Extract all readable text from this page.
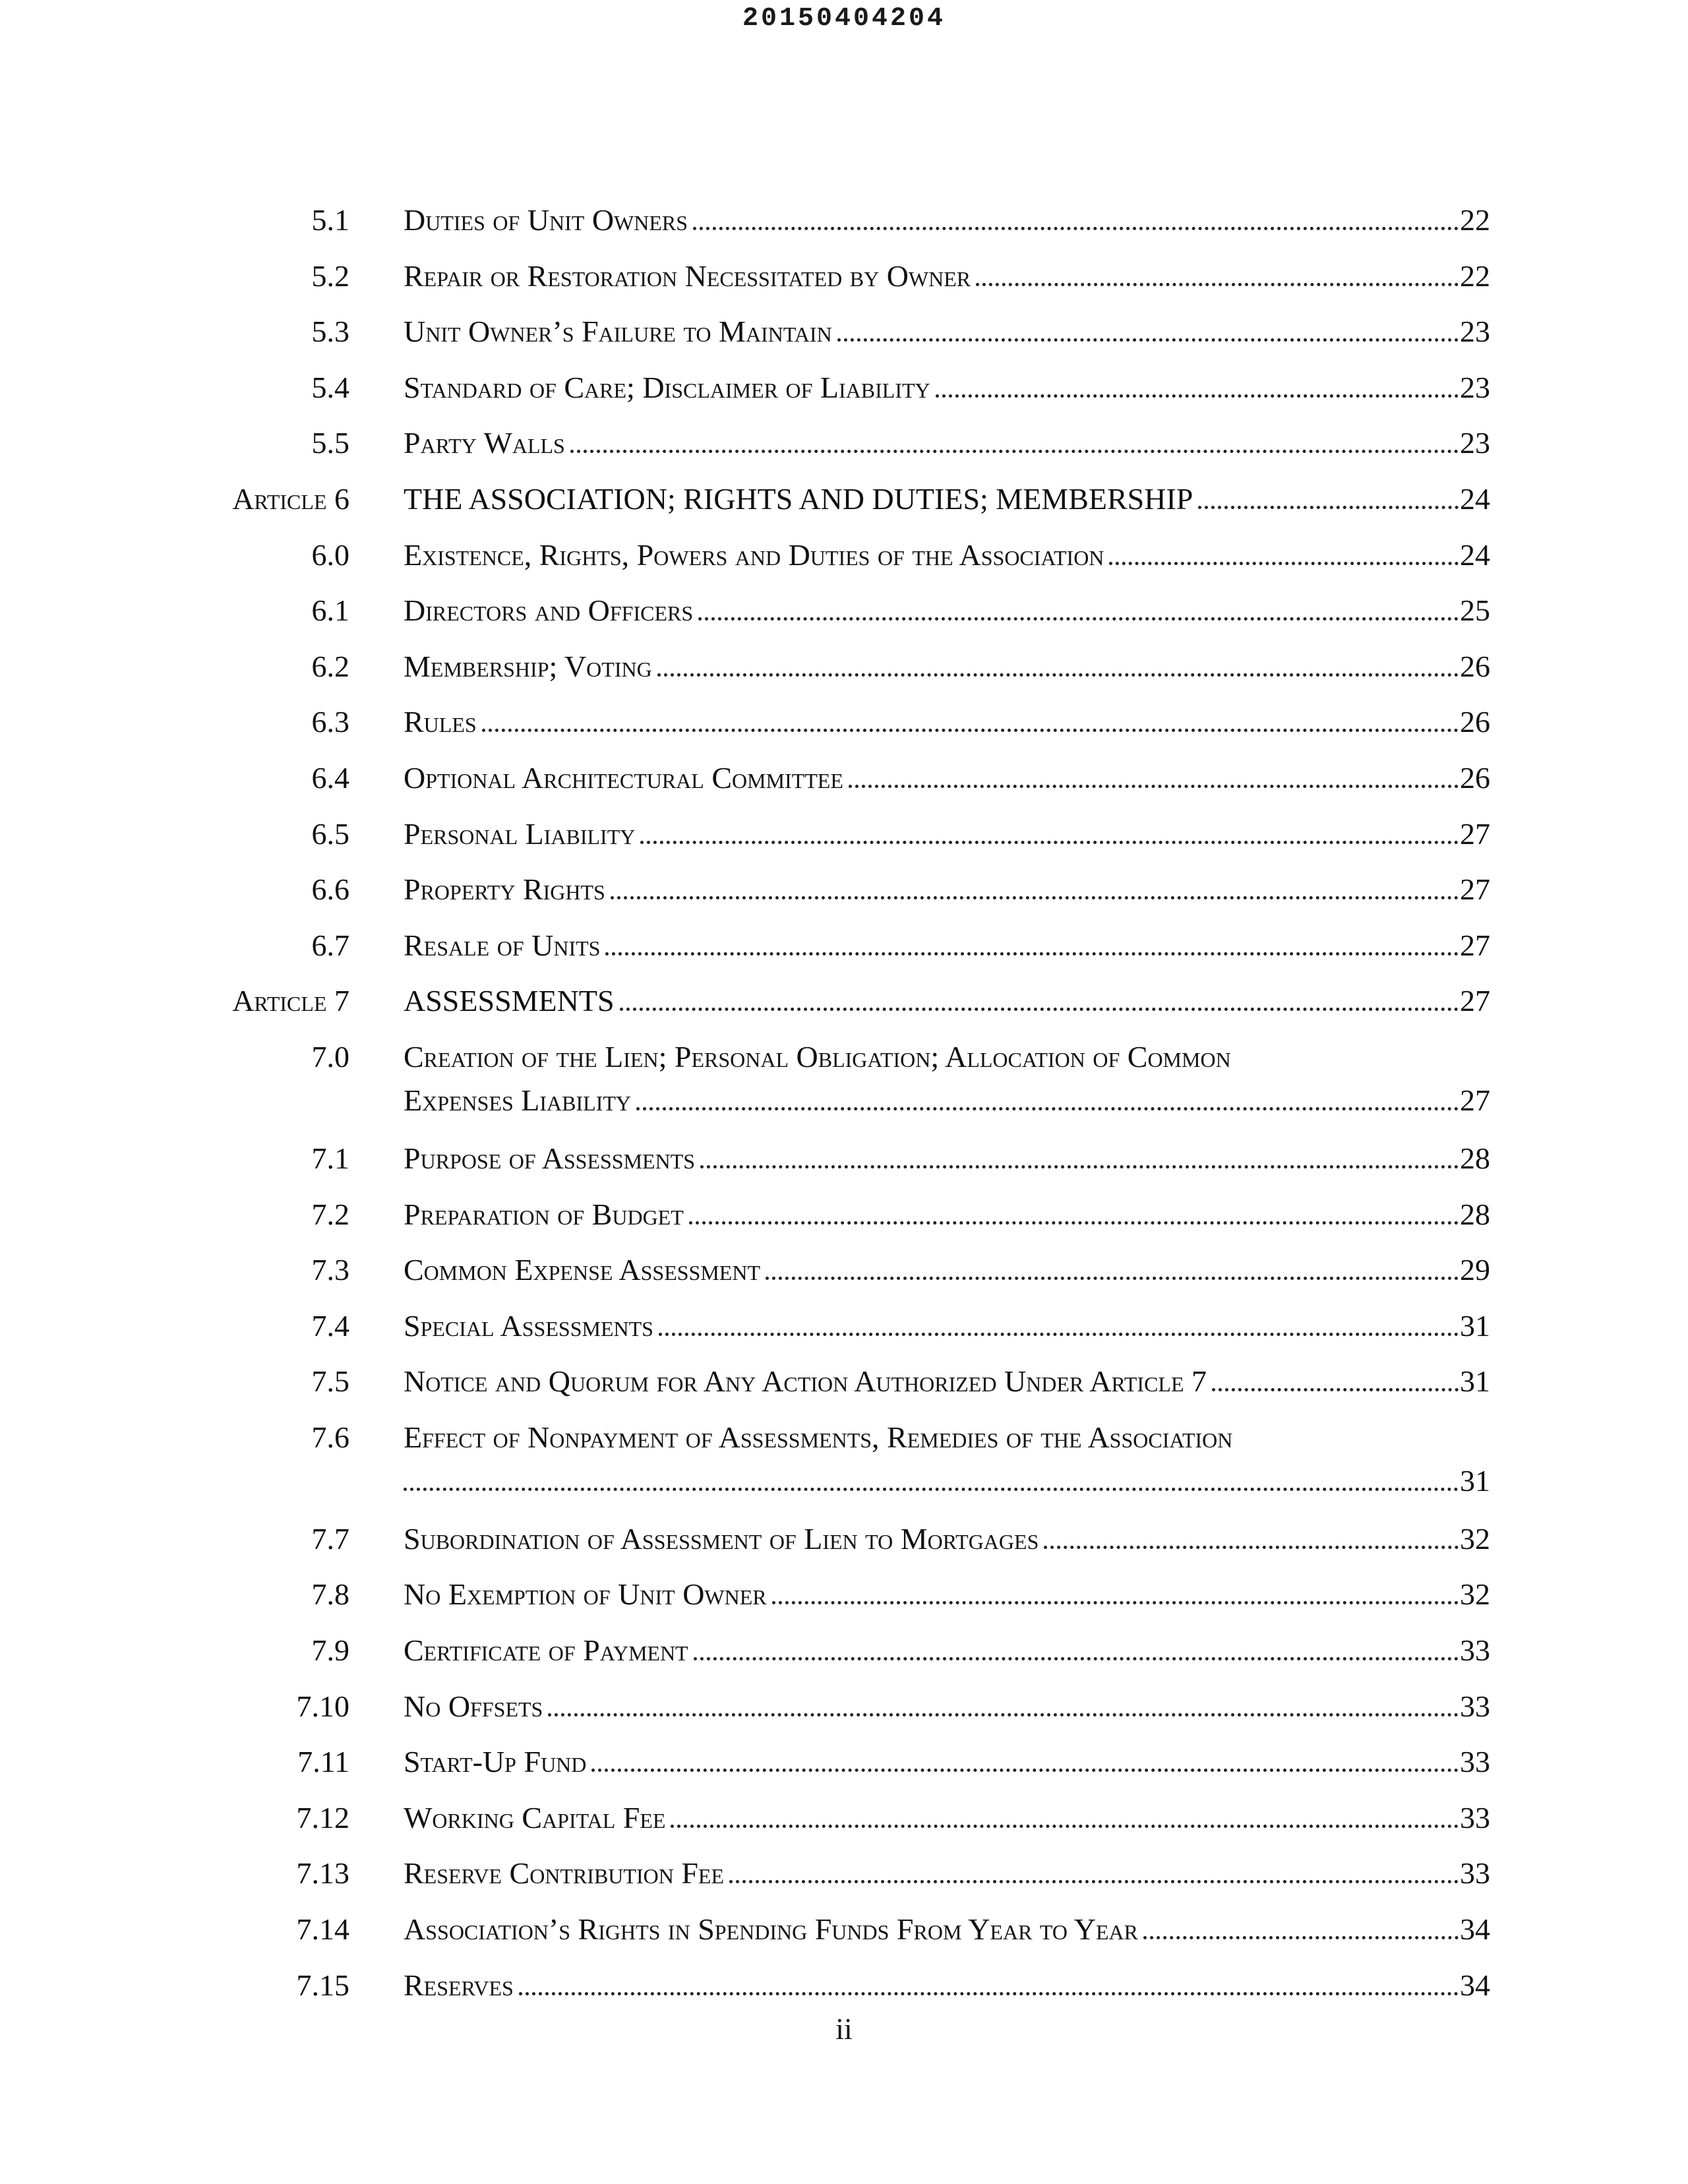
20150404204
5.1 Duties of Unit Owners	22
5.2 Repair or Restoration Necessitated by Owner	22
5.3 Unit Owner’s Failure to Maintain	23
5.4 Standard of Care; Disclaimer of Liability	23
5.5 Party Walls	23
Article 6 THE ASSOCIATION; RIGHTS AND DUTIES; MEMBERSHIP	24
6.0 Existence, Rights, Powers and Duties of the Association	24
6.1 Directors and Officers	25
6.2 Membership; Voting	26
6.3 Rules	26
6.4 Optional Architectural Committee	26
6.5 Personal Liability	27
6.6 Property Rights	27
6.7 Resale of Units	27
Article 7 ASSESSMENTS	27
7.0 Creation of the Lien; Personal Obligation; Allocation of Common
Expenses Liability	27
7.1 Purpose of Assessments	28
7.2 Preparation of Budget	28
7.3 Common Expense Assessment	29
7.4 Special Assessments	31
7.5 Notice and Quorum for Any Action Authorized Under Article 7	31
7.6 Effect of Nonpayment of Assessments, Remedies of the Association
31
7.7 Subordination of Assessment of Lien to Mortgages	32
7.8 No Exemption of Unit Owner	32
7.9 Certificate of Payment	33
7.10 No Offsets	33
7.11 Start-Up Fund	33
7.12 Working Capital Fee	33
7.13 Reserve Contribution Fee	33
7.14 Association’s Rights in Spending Funds From Year to Year	34
7.15 Reserves	34
ii
